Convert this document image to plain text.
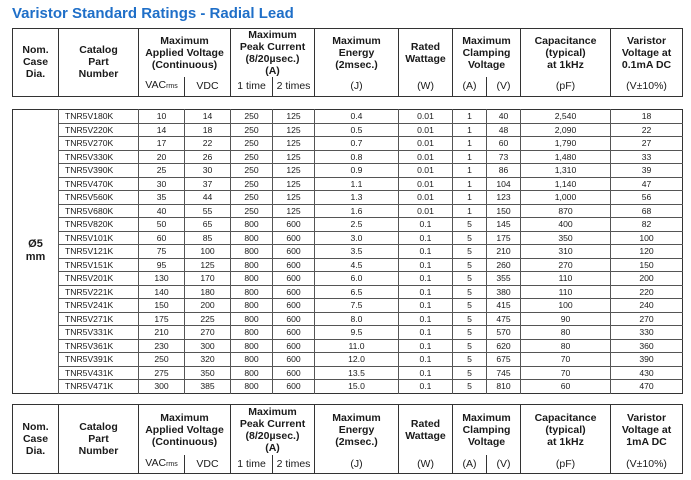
Varistor Standard Ratings - Radial Lead
Nom.
Case
Dia.	Catalog
Part
Number	Maximum
Applied Voltage
(Continuous)		Maximum
Peak Current
(8/20µsec.)
(A)		Maximum
Energy
(2msec.)	Rated
Wattage	Maximum
Clamping
Voltage		Capacitance
(typical)
at 1kHz	Varistor
Voltage at
0.1mA DC
		VACrms	VDC	1 time	2 times	(J)	(W)	(A)	(V)	(pF)	(V±10%)
Ø5
mm	TNR5V180K	10	14	250	125	0.4	0.01	1	40	2,540	18
	TNR5V220K	14	18	250	125	0.5	0.01	1	48	2,090	22
	TNR5V270K	17	22	250	125	0.7	0.01	1	60	1,790	27
	TNR5V330K	20	26	250	125	0.8	0.01	1	73	1,480	33
	TNR5V390K	25	30	250	125	0.9	0.01	1	86	1,310	39
	TNR5V470K	30	37	250	125	1.1	0.01	1	104	1,140	47
	TNR5V560K	35	44	250	125	1.3	0.01	1	123	1,000	56
	TNR5V680K	40	55	250	125	1.6	0.01	1	150	870	68
	TNR5V820K	50	65	800	600	2.5	0.1	5	145	400	82
	TNR5V101K	60	85	800	600	3.0	0.1	5	175	350	100
	TNR5V121K	75	100	800	600	3.5	0.1	5	210	310	120
	TNR5V151K	95	125	800	600	4.5	0.1	5	260	270	150
	TNR5V201K	130	170	800	600	6.0	0.1	5	355	110	200
	TNR5V221K	140	180	800	600	6.5	0.1	5	380	110	220
	TNR5V241K	150	200	800	600	7.5	0.1	5	415	100	240
	TNR5V271K	175	225	800	600	8.0	0.1	5	475	90	270
	TNR5V331K	210	270	800	600	9.5	0.1	5	570	80	330
	TNR5V361K	230	300	800	600	11.0	0.1	5	620	80	360
	TNR5V391K	250	320	800	600	12.0	0.1	5	675	70	390
	TNR5V431K	275	350	800	600	13.5	0.1	5	745	70	430
	TNR5V471K	300	385	800	600	15.0	0.1	5	810	60	470
Nom.
Case
Dia.	Catalog
Part
Number	Maximum
Applied Voltage
(Continuous)		Maximum
Peak Current
(8/20µsec.)
(A)		Maximum
Energy
(2msec.)	Rated
Wattage	Maximum
Clamping
Voltage		Capacitance
(typical)
at 1kHz	Varistor
Voltage at
1mA DC
		VACrms	VDC	1 time	2 times	(J)	(W)	(A)	(V)	(pF)	(V±10%)
